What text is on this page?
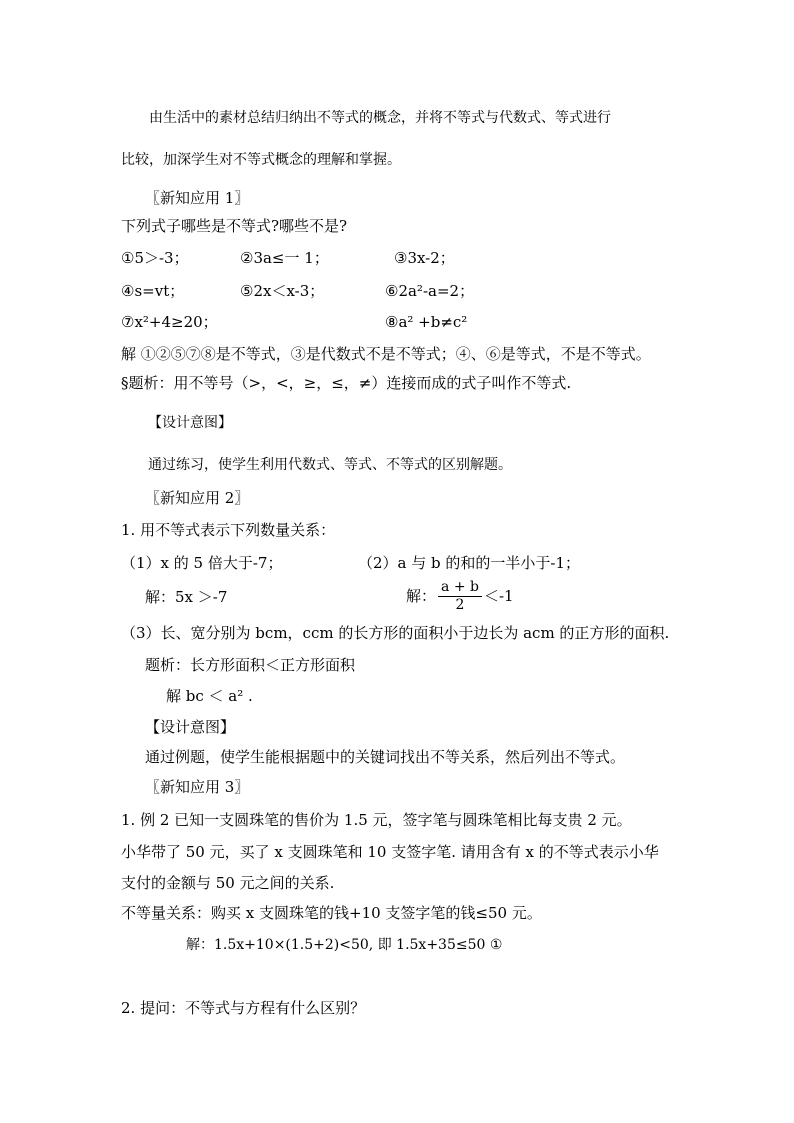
由生活中的素材总结归纳出不等式的概念，并将不等式与代数式、等式进行
比较，加深学生对不等式概念的理解和掌握。
〖新知应用 1〗
下列式子哪些是不等式?哪些不是?
①5＞-3；	②3a≤一 1；	③3x-2；
④s=vt；	⑤2x＜x-3；	⑥2a²-a=2；
⑦x²+4≥20；	⑧a² +b≠c²
解 ①②⑤⑦⑧是不等式，③是代数式不是不等式；④、⑥是等式，不是不等式。
§题析：用不等号（>，<，≥，≤，≠）连接而成的式子叫作不等式.
【设计意图】
通过练习，使学生利用代数式、等式、不等式的区别解题。
〖新知应用 2〗
1. 用不等式表示下列数量关系：
（1）x 的 5 倍大于-7；	（2）a 与 b 的和的一半小于-1；
解：5x ＞-7	解： $\frac{a + b}{2} <-1$
（3）长、宽分别为 bcm，ccm 的长方形的面积小于边长为 acm 的正方形的面积.
题析：长方形面积＜正方形面积
解 bc ＜ a² .
【设计意图】
通过例题，使学生能根据题中的关键词找出不等关系，然后列出不等式。
〖新知应用 3〗
1. 例 2 已知一支圆珠笔的售价为 1.5 元，签字笔与圆珠笔相比每支贵 2 元。
小华带了 50 元，买了 x 支圆珠笔和 10 支签字笔. 请用含有 x 的不等式表示小华
支付的金额与 50 元之间的关系.
不等量关系：购买 x 支圆珠笔的钱+10 支签字笔的钱≤50 元。
解：1.5x+10×(1.5+2)<50, 即 1.5x+35≤50 ①
2. 提问：不等式与方程有什么区别？
